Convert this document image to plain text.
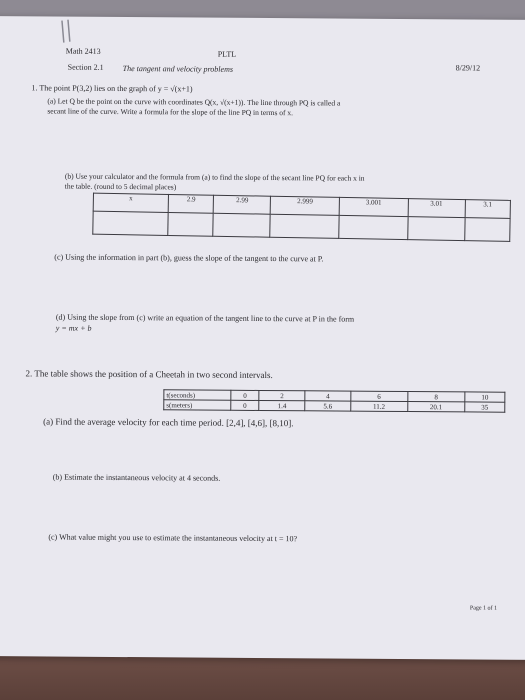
Math 2413	PLTL
Section 2.1 The tangent and velocity problems	8/29/12
1. The point P(3,2) lies on the graph of y = √(x+1)
(a) Let Q be the point on the curve with coordinates Q(x, √(x+1)). The line through PQ is called a
secant line of the curve. Write a formula for the slope of the line PQ in terms of x.
(b) Use your calculator and the formula from (a) to find the slope of the secant line PQ for each x in
the table. (round to 5 decimal places)
x	2.9	2.99	2.999	3.001	3.01	3.1

(c) Using the information in part (b), guess the slope of the tangent to the curve at P.
(d) Using the slope from (c) write an equation of the tangent line to the curve at P in the form
y = mx + b
2. The table shows the position of a Cheetah in two second intervals.
t(seconds)	0	2	4	6	8	10
s(meters)	0	1.4	5.6	11.2	20.1	35
(a) Find the average velocity for each time period. [2,4], [4,6], [8,10].
(b) Estimate the instantaneous velocity at 4 seconds.
(c) What value might you use to estimate the instantaneous velocity at t = 10?
Page 1 of 1
